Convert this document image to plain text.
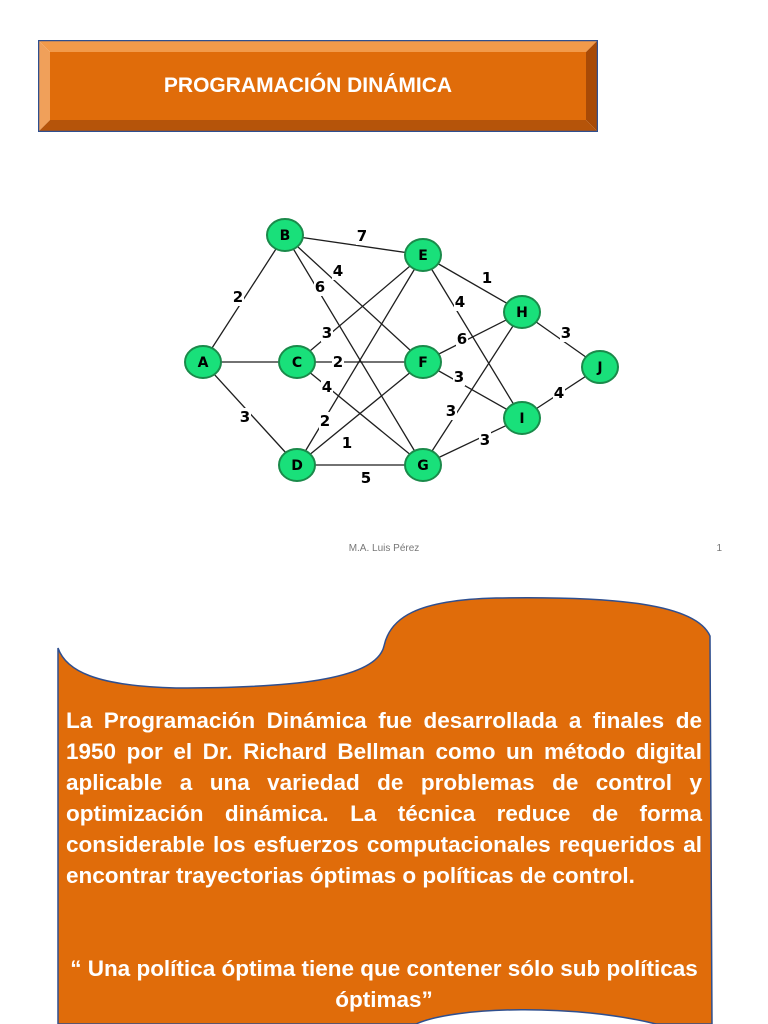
PROGRAMACIÓN DINÁMICA
2
3
7
4
6
3
2
4
2
1
5
1
4
6
3
3
3
3
4
A
B
C
D
E
F
G
H
I
J
M.A. Luis Pérez	1
La Programación Dinámica fue desarrollada a finales de 1950 por el Dr. Richard Bellman como un método digital aplicable a una variedad de problemas de control y optimización dinámica. La técnica reduce de forma considerable los esfuerzos computacionales requeridos al encontrar trayectorias óptimas o políticas de control.
“ Una política óptima tiene que contener sólo sub políticas óptimas”
